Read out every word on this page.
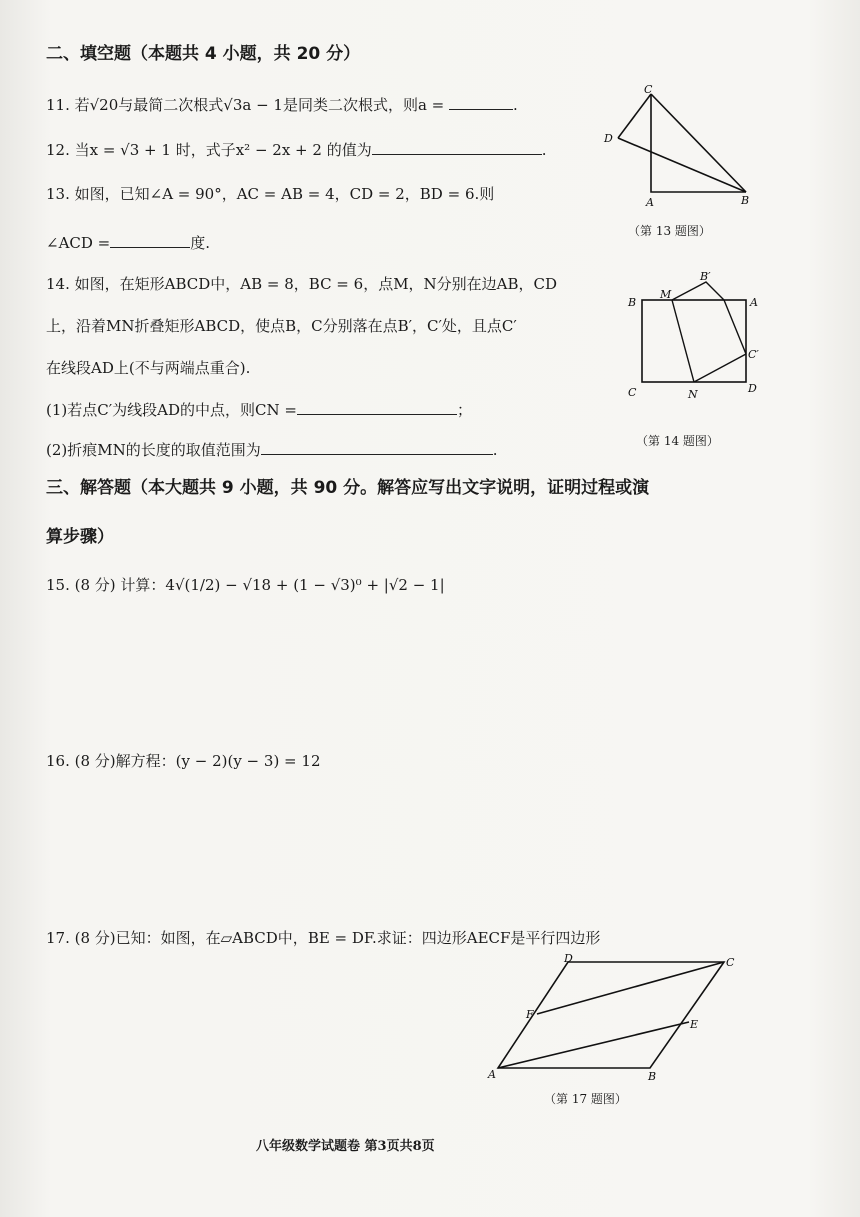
二、填空题（本题共 4 小题，共 20 分）
11. 若√20与最简二次根式√3a − 1是同类二次根式，则a =	.
12. 当x = √3 + 1 时，式子x² − 2x + 2 的值为	.
13. 如图，已知∠A = 90°，AC = AB = 4，CD = 2，BD = 6.则
∠ACD =	度.
14. 如图，在矩形ABCD中，AB = 8，BC = 6，点M，N分别在边AB，CD
上，沿着MN折叠矩形ABCD，使点B，C分别落在点B′，C′处，且点C′
在线段AD上(不与两端点重合).
(1)若点C′为线段AD的中点，则CN =	；
(2)折痕MN的长度的取值范围为	.
三、解答题（本大题共 9 小题，共 90 分。解答应写出文字说明，证明过程或演
算步骤）
15. (8 分) 计算：4√(1/2) − √18 + (1 − √3)⁰ + |√2 − 1|
16. (8 分)解方程：(y − 2)(y − 3) = 12
17. (8 分)已知：如图，在▱ABCD中，BE = DF.求证：四边形AECF是平行四边形
C
D
A	B
（第 13 题图）
B
M
B′
A
C′
C	N	D
（第 14 题图）
D	C
F
E
A	B
（第 17 题图）
八年级数学试题卷 第3页共8页
